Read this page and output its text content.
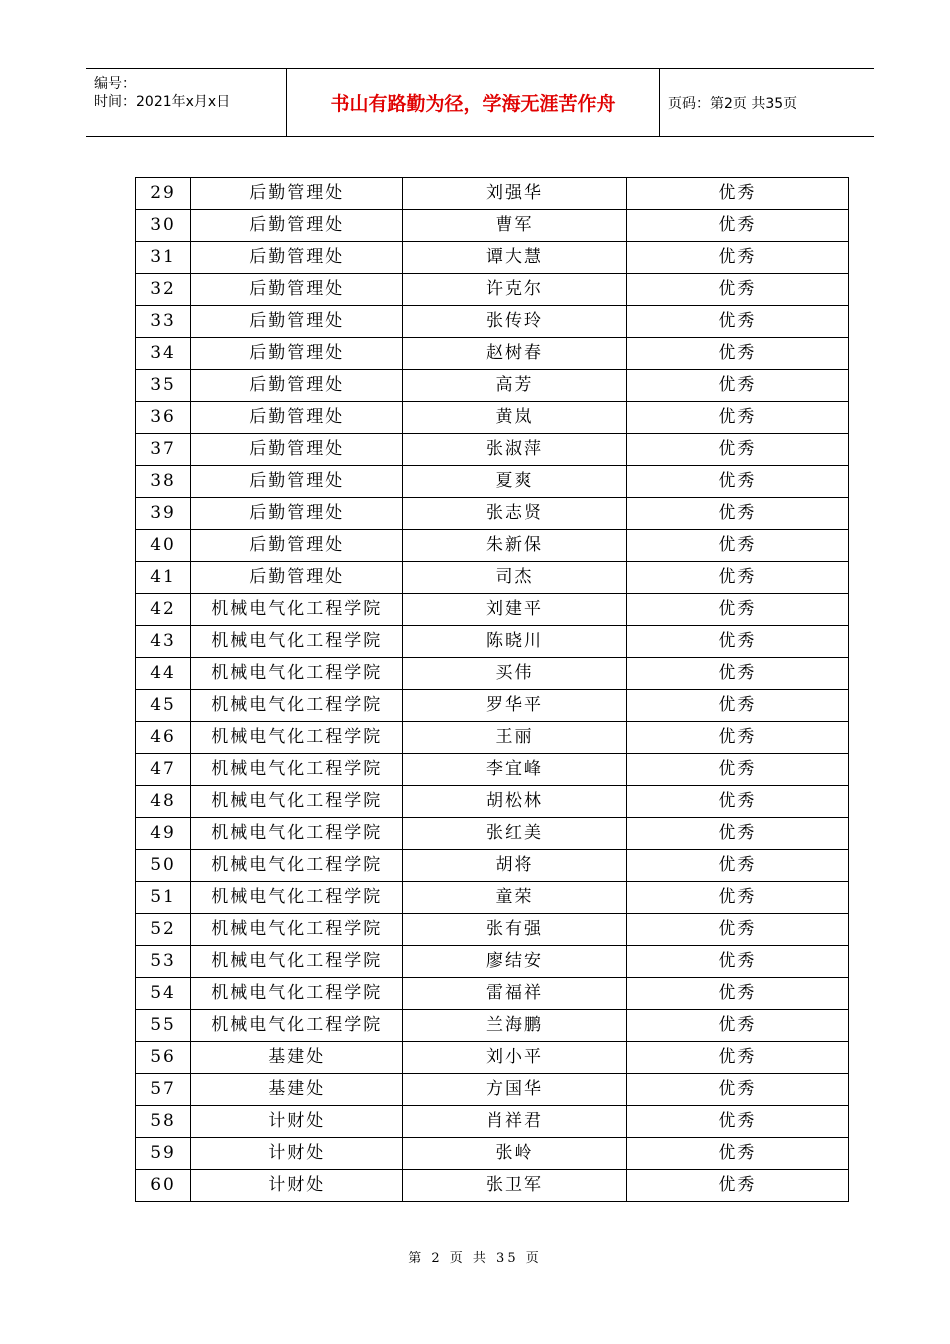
编号：
时间：2021年x月x日	书山有路勤为径，学海无涯苦作舟	页码：第2页 共35页
29	后勤管理处	刘强华	优秀
30	后勤管理处	曹军	优秀
31	后勤管理处	谭大慧	优秀
32	后勤管理处	许克尔	优秀
33	后勤管理处	张传玲	优秀
34	后勤管理处	赵树春	优秀
35	后勤管理处	高芳	优秀
36	后勤管理处	黄岚	优秀
37	后勤管理处	张淑萍	优秀
38	后勤管理处	夏爽	优秀
39	后勤管理处	张志贤	优秀
40	后勤管理处	朱新保	优秀
41	后勤管理处	司杰	优秀
42	机械电气化工程学院	刘建平	优秀
43	机械电气化工程学院	陈晓川	优秀
44	机械电气化工程学院	买伟	优秀
45	机械电气化工程学院	罗华平	优秀
46	机械电气化工程学院	王丽	优秀
47	机械电气化工程学院	李宜峰	优秀
48	机械电气化工程学院	胡松林	优秀
49	机械电气化工程学院	张红美	优秀
50	机械电气化工程学院	胡将	优秀
51	机械电气化工程学院	童荣	优秀
52	机械电气化工程学院	张有强	优秀
53	机械电气化工程学院	廖结安	优秀
54	机械电气化工程学院	雷福祥	优秀
55	机械电气化工程学院	兰海鹏	优秀
56	基建处	刘小平	优秀
57	基建处	方国华	优秀
58	计财处	肖祥君	优秀
59	计财处	张岭	优秀
60	计财处	张卫军	优秀
第 2 页 共 35 页
